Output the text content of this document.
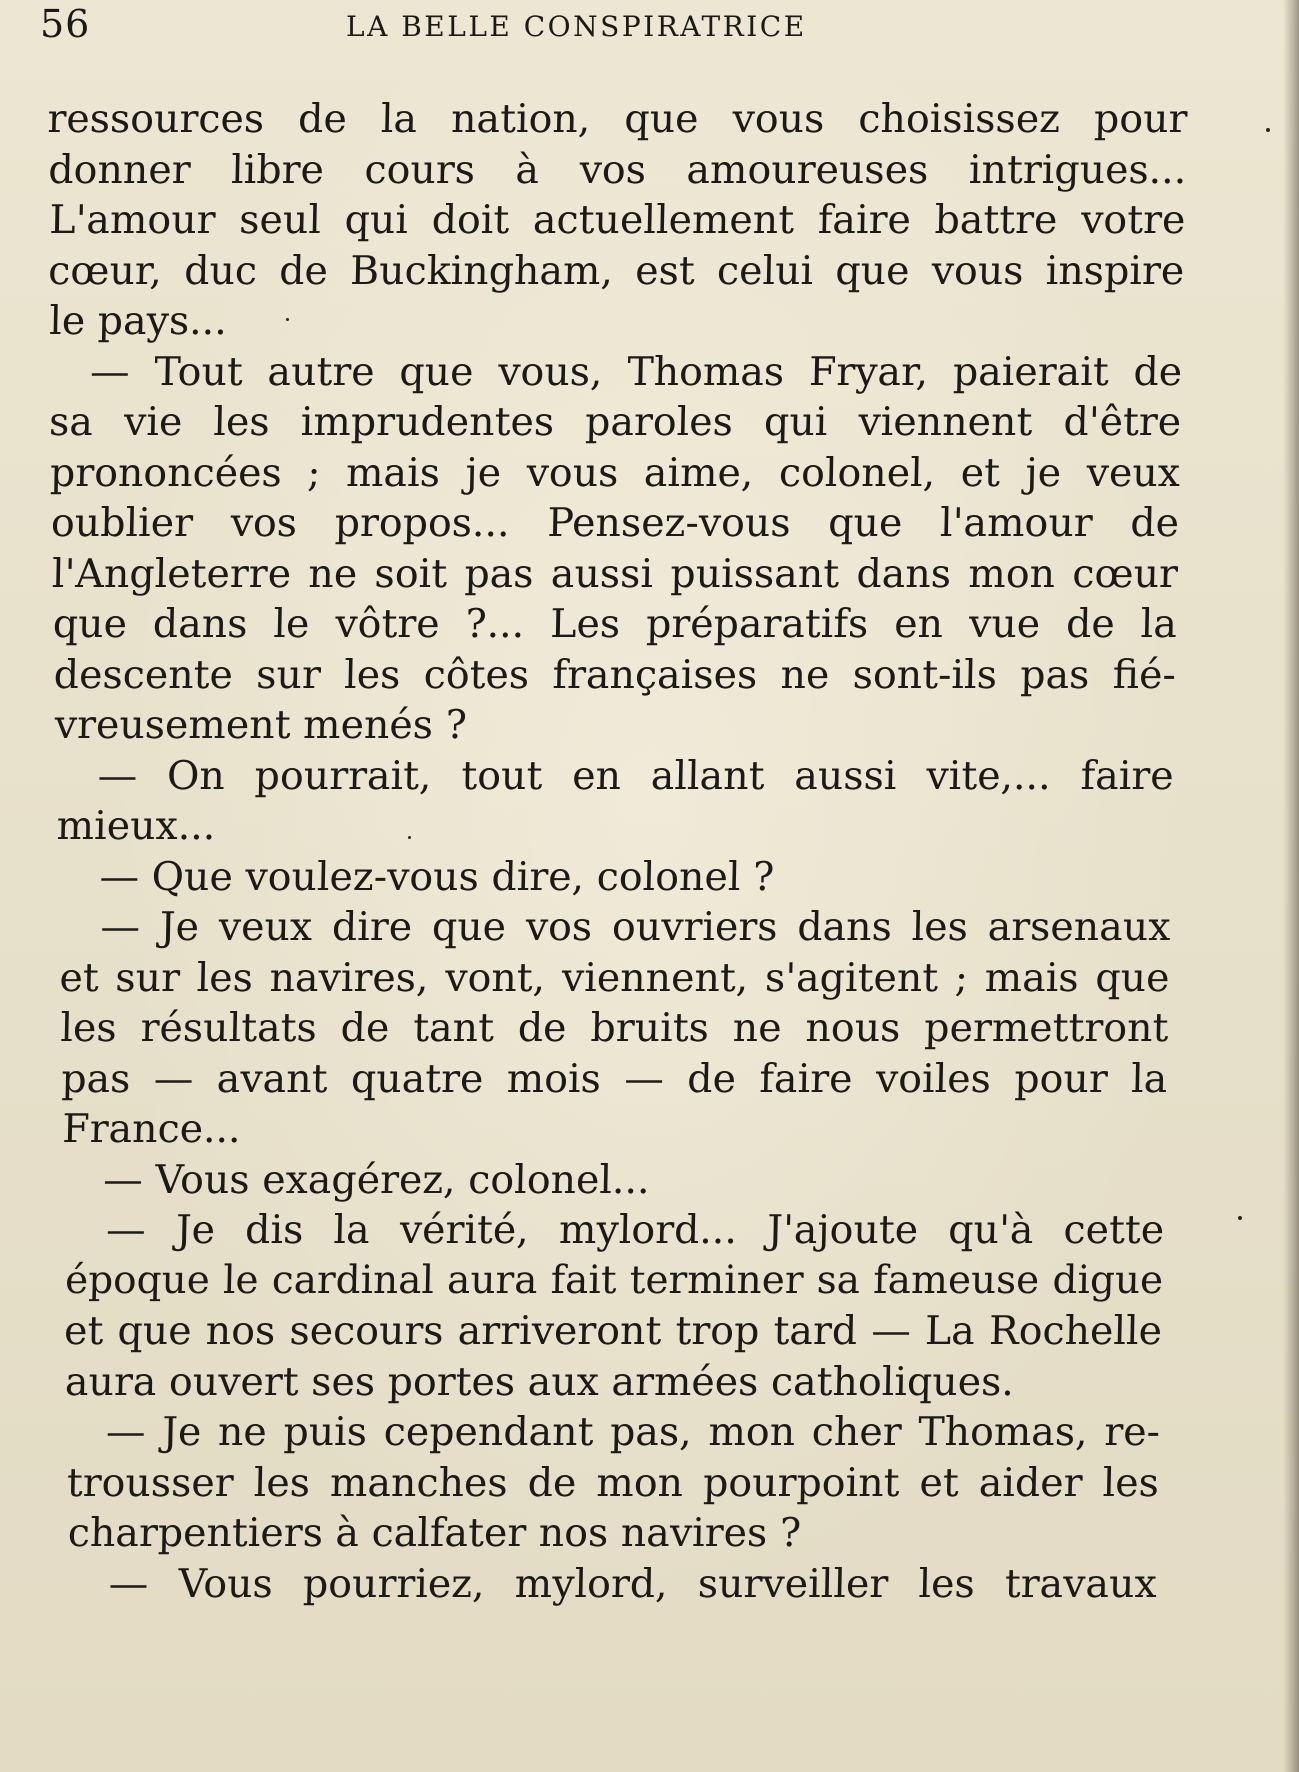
56	LA BELLE CONSPIRATRICE
ressources de la nation, que vous choisissez pour
donner libre cours à vos amoureuses intrigues...
L'amour seul qui doit actuellement faire battre votre
cœur, duc de Buckingham, est celui que vous inspire
le pays...
— Tout autre que vous, Thomas Fryar, paierait de
sa vie les imprudentes paroles qui viennent d'être
prononcées ; mais je vous aime, colonel, et je veux
oublier vos propos... Pensez-vous que l'amour de
l'Angleterre ne soit pas aussi puissant dans mon cœur
que dans le vôtre ?... Les préparatifs en vue de la
descente sur les côtes françaises ne sont-ils pas fié-
vreusement menés ?
— On pourrait, tout en allant aussi vite,... faire
mieux...
— Que voulez-vous dire, colonel ?
— Je veux dire que vos ouvriers dans les arsenaux
et sur les navires, vont, viennent, s'agitent ; mais que
les résultats de tant de bruits ne nous permettront
pas — avant quatre mois — de faire voiles pour la
France...
— Vous exagérez, colonel...
— Je dis la vérité, mylord... J'ajoute qu'à cette
époque le cardinal aura fait terminer sa fameuse digue
et que nos secours arriveront trop tard — La Rochelle
aura ouvert ses portes aux armées catholiques.
— Je ne puis cependant pas, mon cher Thomas, re-
trousser les manches de mon pourpoint et aider les
charpentiers à calfater nos navires ?
— Vous pourriez, mylord, surveiller les travaux
